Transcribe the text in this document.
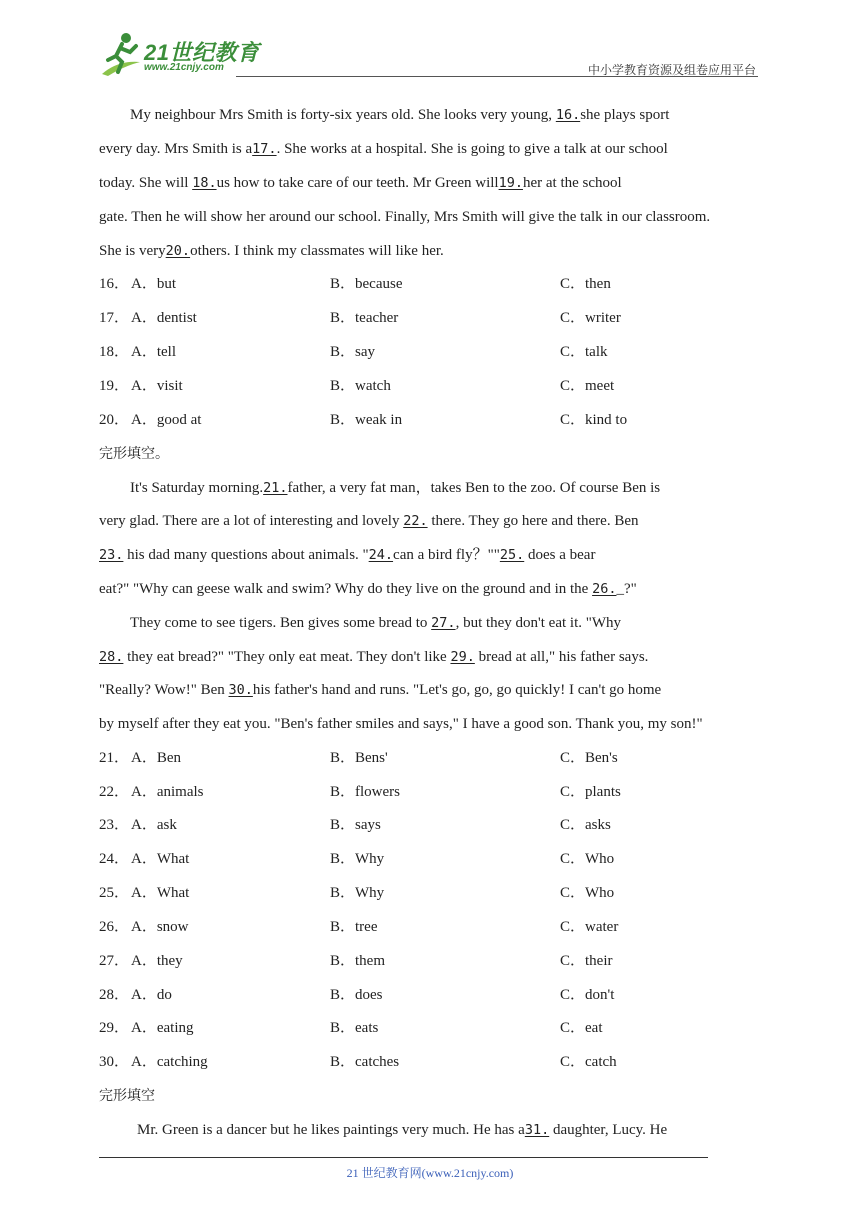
21世纪教育
www.21cnjy.com	中小学教育资源及组卷应用平台
My neighbour Mrs Smith is forty-six years old. She looks very young, 16.she plays sport
every day. Mrs Smith is a17.. She works at a hospital. She is going to give a talk at our school
today. She will 18.us how to take care of our teeth. Mr Green will19.her at the school
gate. Then he will show her around our school. Finally, Mrs Smith will give the talk in our classroom.
She is very20.others. I think my classmates will like her.
16． A．but	B．because	C．then
17． A．dentist	B．teacher	C．writer
18． A．tell	B．say	C．talk
19． A．visit	B．watch	C．meet
20． A．good at	B．weak in	C．kind to
完形填空。
It's Saturday morning.21.father, a very fat man，takes Ben to the zoo. Of course Ben is
very glad. There are a lot of interesting and lovely 22. there. They go here and there. Ben
23. his dad many questions about animals. "24.can a bird fly？""25. does a bear
eat?" "Why can geese walk and swim? Why do they live on the ground and in the 26._?"
They come to see tigers. Ben gives some bread to 27., but they don't eat it. "Why
28. they eat bread?" "They only eat meat. They don't like 29. bread at all," his father says.
"Really? Wow!" Ben 30.his father's hand and runs. "Let's go, go, go quickly! I can't go home
by myself after they eat you. "Ben's father smiles and says," I have a good son. Thank you, my son!"
21． A．Ben	B．Bens'	C．Ben's
22． A．animals	B．flowers	C．plants
23． A．ask	B．says	C．asks
24． A．What	B．Why	C．Who
25． A．What	B．Why	C．Who
26． A．snow	B．tree	C．water
27． A．they	B．them	C．their
28． A．do	B．does	C．don't
29． A．eating	B．eats	C．eat
30． A．catching	B．catches	C．catch
完形填空
Mr. Green is a dancer but he likes paintings very much. He has a31. daughter, Lucy. He
21 世纪教育网(www.21cnjy.com)
